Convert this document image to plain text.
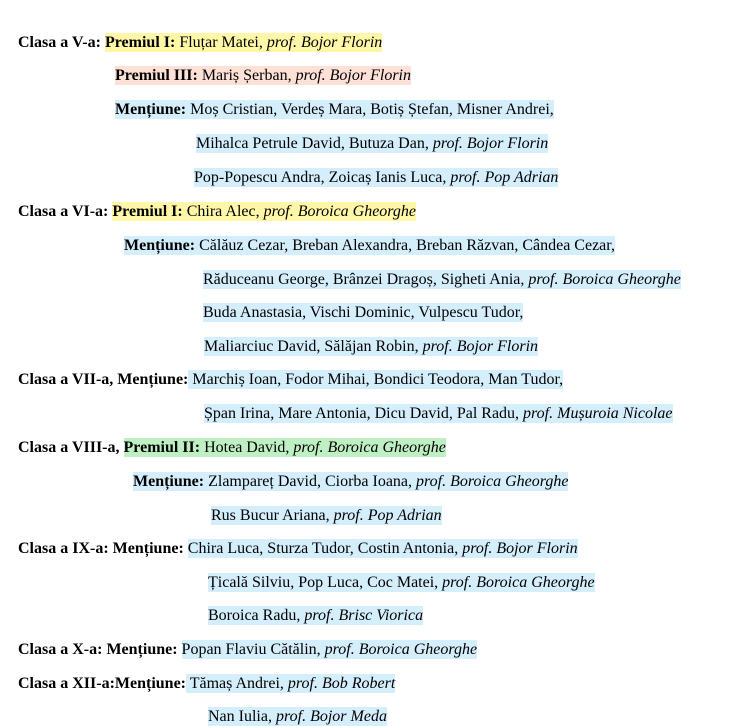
Clasa a V-a: Premiul I: Fluțar Matei, prof. Bojor Florin
Premiul III: Mariș Șerban, prof. Bojor Florin
Mențiune: Moș Cristian, Verdeș Mara, Botiș Ștefan, Misner Andrei,
Mihalca Petrule David, Butuza Dan, prof. Bojor Florin
Pop-Popescu Andra, Zoicaș Ianis Luca, prof. Pop Adrian
Clasa a VI-a: Premiul I: Chira Alec, prof. Boroica Gheorghe
Mențiune: Călăuz Cezar, Breban Alexandra, Breban Răzvan, Cândea Cezar,
Răduceanu George, Brânzei Dragoș, Sigheti Ania, prof. Boroica Gheorghe
Buda Anastasia, Vischi Dominic, Vulpescu Tudor,
Maliarciuc David, Sălăjan Robin, prof. Bojor Florin
Clasa a VII-a, Mențiune: Marchiș Ioan, Fodor Mihai, Bondici Teodora, Man Tudor,
Șpan Irina, Mare Antonia, Dicu David, Pal Radu, prof. Mușuroia Nicolae
Clasa a VIII-a, Premiul II: Hotea David, prof. Boroica Gheorghe
Mențiune: Zlampareț David, Ciorba Ioana, prof. Boroica Gheorghe
Rus Bucur Ariana, prof. Pop Adrian
Clasa a IX-a: Mențiune: Chira Luca, Sturza Tudor, Costin Antonia, prof. Bojor Florin
Țicală Silviu, Pop Luca, Coc Matei, prof. Boroica Gheorghe
Boroica Radu, prof. Brisc Viorica
Clasa a X-a: Mențiune: Popan Flaviu Cătălin, prof. Boroica Gheorghe
Clasa a XII-a:Mențiune: Tămaș Andrei, prof. Bob Robert
Nan Iulia, prof. Bojor Meda
